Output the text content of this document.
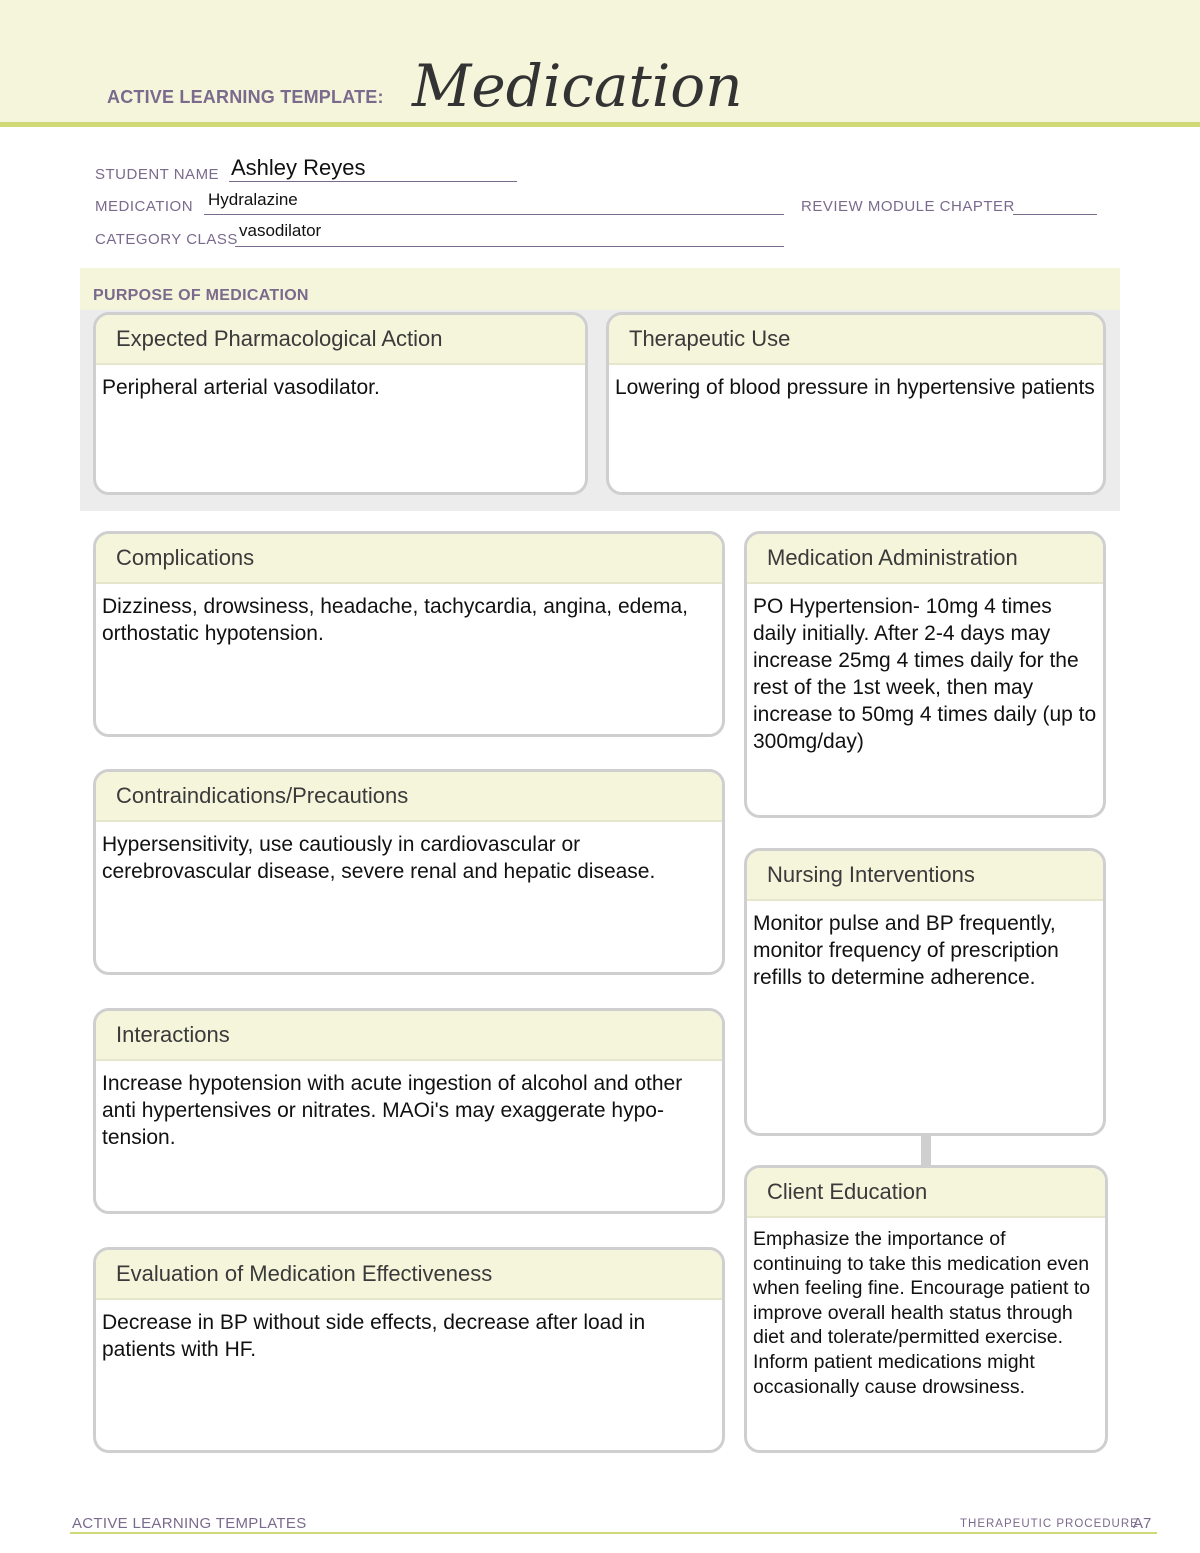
ACTIVE LEARNING TEMPLATE: Medication
STUDENT NAME Ashley Reyes
MEDICATION Hydralazine	REVIEW MODULE CHAPTER
CATEGORY CLASS vasodilator
PURPOSE OF MEDICATION
Expected Pharmacological Action
Peripheral arterial vasodilator.
Therapeutic Use
Lowering of blood pressure in hypertensive patients
Complications
Dizziness, drowsiness, headache, tachycardia, angina, edema, orthostatic hypotension.
Contraindications/Precautions
Hypersensitivity, use cautiously in cardiovascular or cerebrovascular disease, severe renal and hepatic disease.
Interactions
Increase hypotension with acute ingestion of alcohol and other anti hypertensives or nitrates. MAOi's may exaggerate hypo-tension.
Evaluation of Medication Effectiveness
Decrease in BP without side effects, decrease after load in patients with HF.
Medication Administration
PO Hypertension- 10mg 4 times daily initially. After 2-4 days may increase 25mg 4 times daily for the rest of the 1st week, then may increase to 50mg 4 times daily (up to 300mg/day)
Nursing Interventions
Monitor pulse and BP frequently, monitor frequency of prescription refills to determine adherence.
Client Education
Emphasize the importance of continuing to take this medication even when feeling fine. Encourage patient to improve overall health status through diet and tolerate/permitted exercise. Inform patient medications might occasionally cause drowsiness.
ACTIVE LEARNING TEMPLATES	THERAPEUTIC PROCEDURE
A7
